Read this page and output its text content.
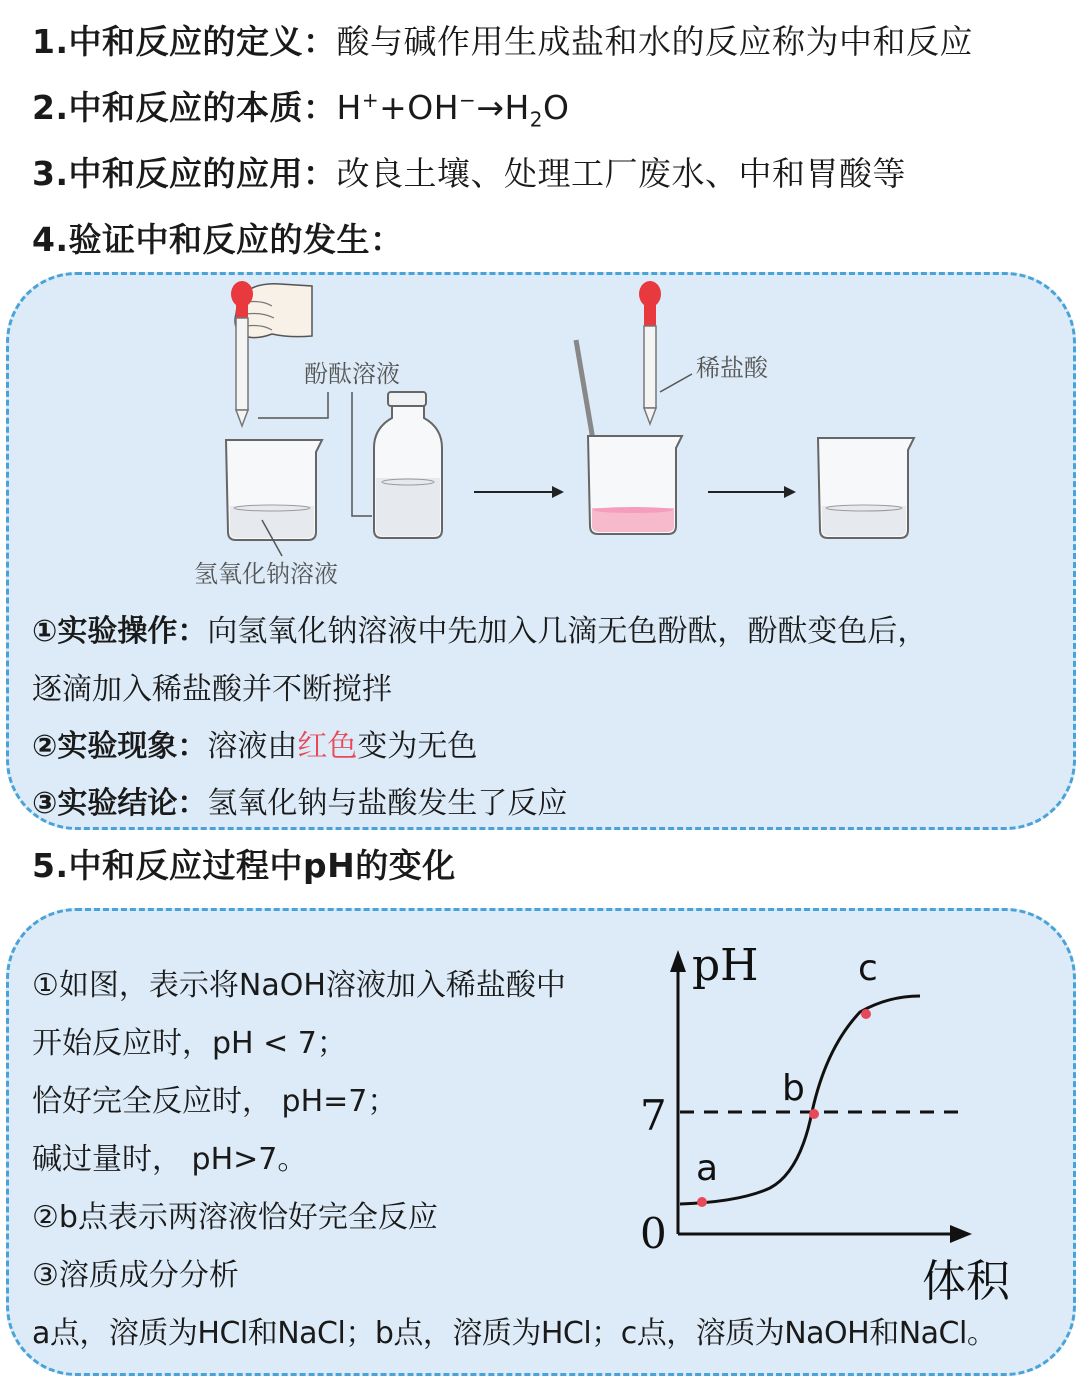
1.中和反应的定义：酸与碱作用生成盐和水的反应称为中和反应
2.中和反应的本质：$H^++OH^-\to H_2O$
3.中和反应的应用：改良土壤、处理工厂废水、中和胃酸等
4.验证中和反应的发生：
酚酞溶液
氢氧化钠溶液
稀盐酸
①实验操作：向氢氧化钠溶液中先加入几滴无色酚酞，酚酞变色后，
逐滴加入稀盐酸并不断搅拌
②实验现象：溶液由红色变为无色
③实验结论：氢氧化钠与盐酸发生了反应
5.中和反应过程中pH的变化
①如图，表示将NaOH溶液加入稀盐酸中
开始反应时，pH < 7；
恰好完全反应时， pH=7；
碱过量时， pH>7。
②b点表示两溶液恰好完全反应
③溶质成分分析
a点，溶质为HCl和NaCl；b点，溶质为HCl；c点，溶质为NaOH和NaCl。
pH
体积
0
7
a
b
c
